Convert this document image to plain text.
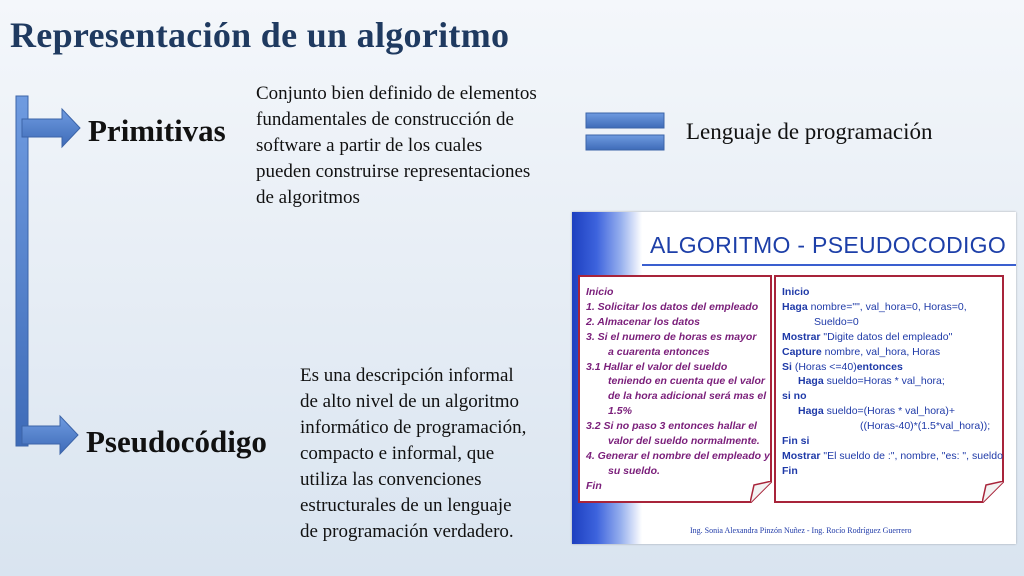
Representación de un algoritmo
Primitivas
Conjunto bien definido de elementos
fundamentales de construcción de
software a partir de los cuales
pueden construirse representaciones
de algoritmos
Lenguaje de programación
Pseudocódigo
Es una descripción informal
de alto nivel de un algoritmo
informático de programación,
compacto e informal, que
utiliza las convenciones
estructurales de un lenguaje
de programación verdadero.
ALGORITMO - PSEUDOCODIGO
Inicio
1. Solicitar los datos del empleado
2. Almacenar los datos
3. Si el numero de horas es mayor
a cuarenta entonces
3.1 Hallar el valor del sueldo
teniendo en cuenta que el valor
de la hora adicional será mas el
1.5%
3.2 Si no paso 3 entonces hallar el
valor del sueldo normalmente.
4. Generar el nombre del empleado y
su sueldo.
Fin
Inicio
Haga nombre="", val_hora=0, Horas=0,
Sueldo=0
Mostrar "Digite datos del empleado"
Capture nombre, val_hora, Horas
Si (Horas <=40)entonces
Haga sueldo=Horas * val_hora;
si no
Haga sueldo=(Horas * val_hora)+
((Horas-40)*(1.5*val_hora));
Fin si
Mostrar "El sueldo de :", nombre, "es: ", sueldo
Fin
Ing. Sonia Alexandra Pinzón Nuñez - Ing. Rocío Rodríguez Guerrero
